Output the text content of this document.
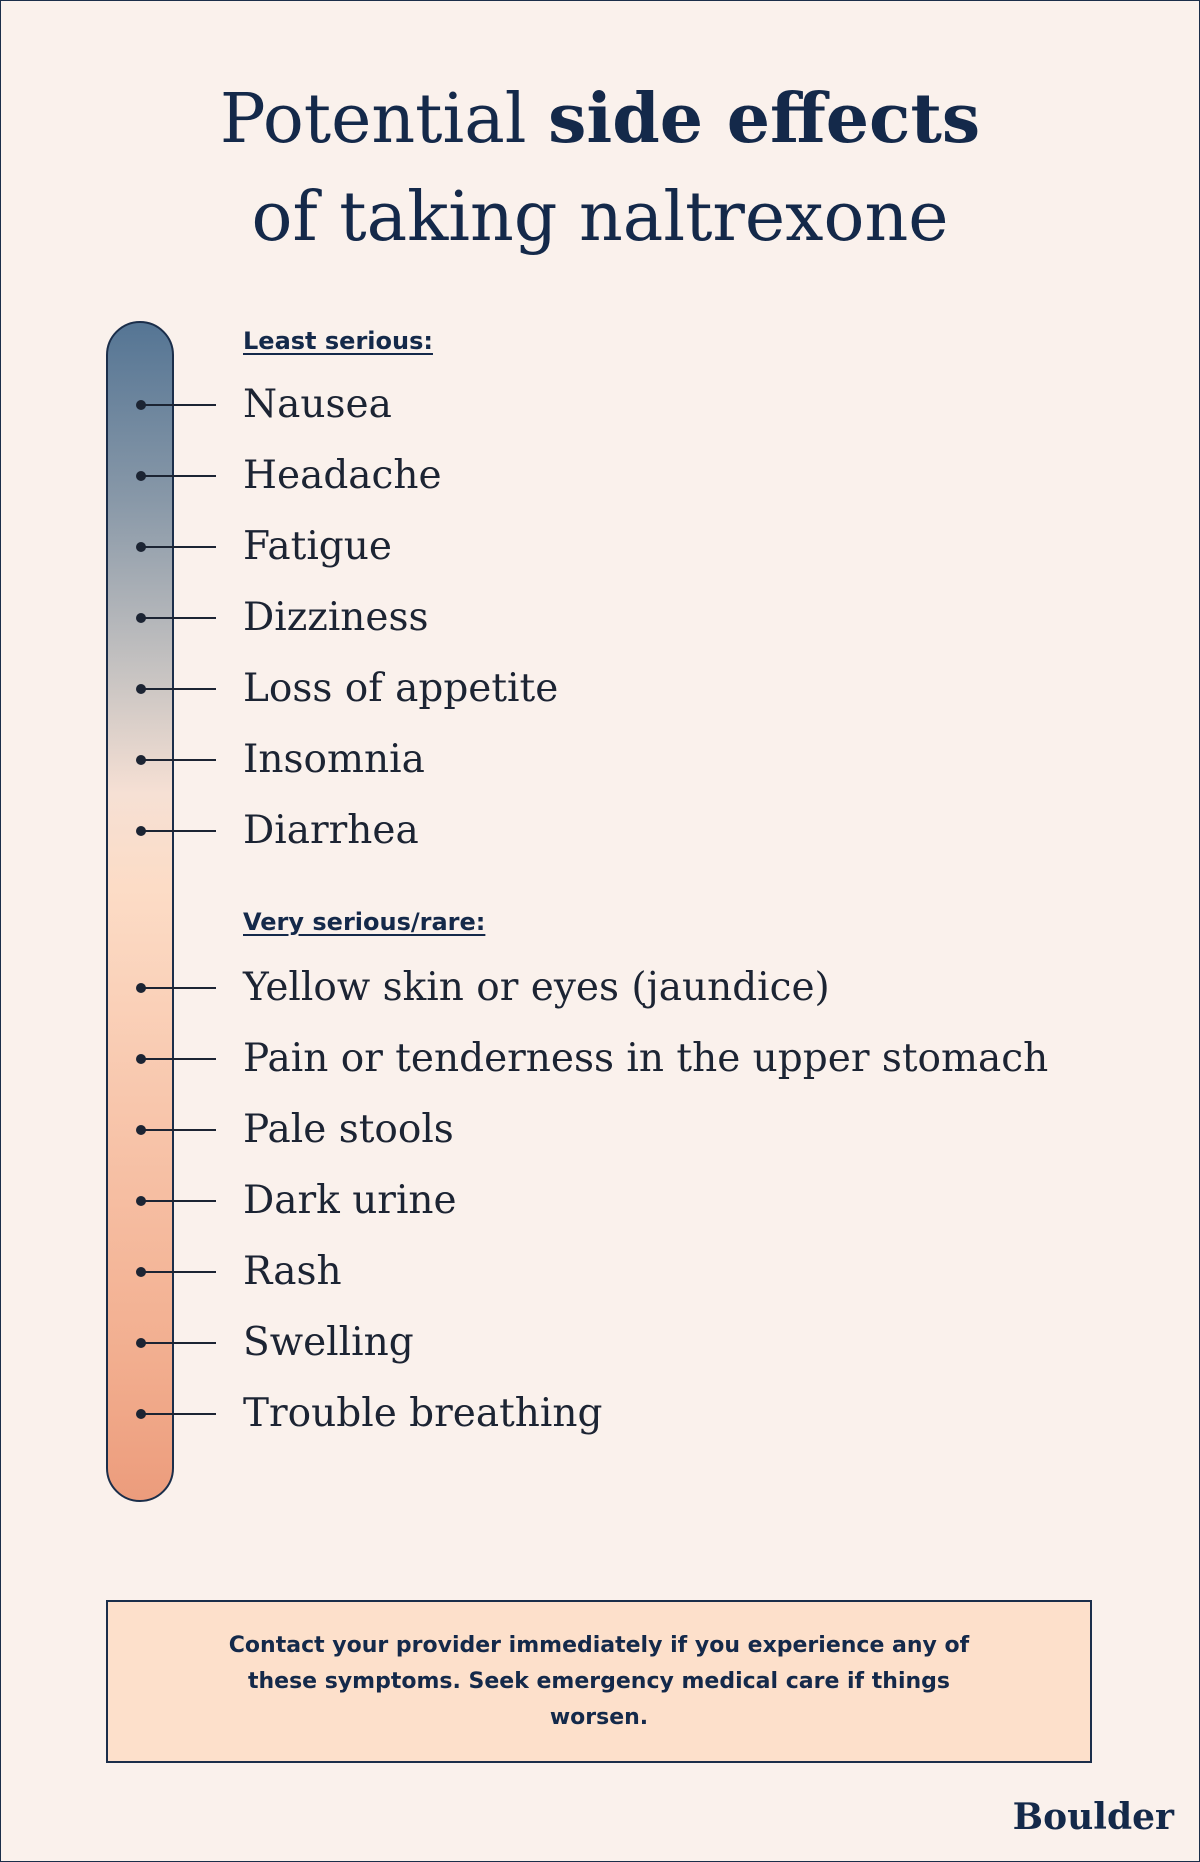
Potential side effects
of taking naltrexone
Least serious:
Nausea
Headache
Fatigue
Dizziness
Loss of appetite
Insomnia
Diarrhea
Very serious/rare:
Yellow skin or eyes (jaundice)
Pain or tenderness in the upper stomach
Pale stools
Dark urine
Rash
Swelling
Trouble breathing

Contact your provider immediately if you experience any of these symptoms. Seek emergency medical care if things worsen.

Boulder
